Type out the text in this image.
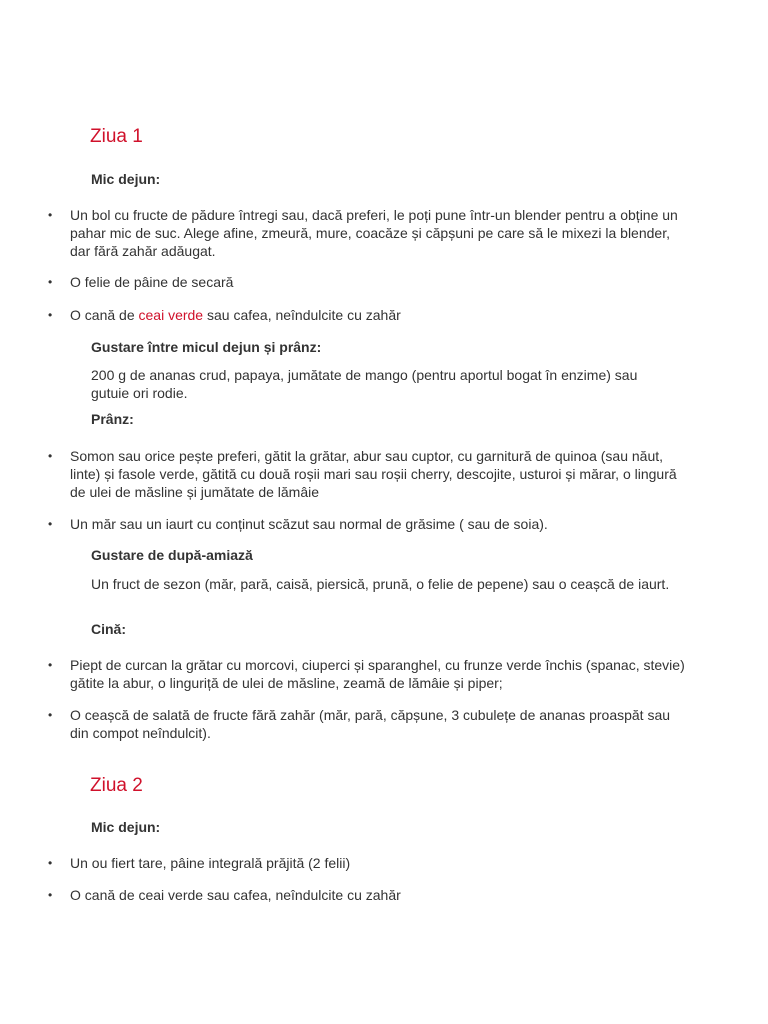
Ziua 1
Mic dejun:
• Un bol cu fructe de pădure întregi sau, dacă preferi, le poți pune într-un blender pentru a obține un pahar mic de suc. Alege afine, zmeură, mure, coacăze și căpșuni pe care să le mixezi la blender, dar fără zahăr adăugat.
• O felie de pâine de secară
• O cană de ceai verde sau cafea, neîndulcite cu zahăr
Gustare între micul dejun și prânz:
200 g de ananas crud, papaya, jumătate de mango (pentru aportul bogat în enzime) sau gutuie ori rodie.
Prânz:
• Somon sau orice pește preferi, gătit la grătar, abur sau cuptor, cu garnitură de quinoa (sau năut, linte) și fasole verde, gătită cu două roșii mari sau roșii cherry, descojite, usturoi și mărar, o lingură de ulei de măsline și jumătate de lămâie
• Un măr sau un iaurt cu conținut scăzut sau normal de grăsime ( sau de soia).
Gustare de după-amiază
Un fruct de sezon (măr, pară, caisă, piersică, prună, o felie de pepene) sau o ceașcă de iaurt.
Cină:
• Piept de curcan la grătar cu morcovi, ciuperci și sparanghel, cu frunze verde închis (spanac, stevie) gătite la abur, o linguriță de ulei de măsline, zeamă de lămâie și piper;
• O ceașcă de salată de fructe fără zahăr (măr, pară, căpșune, 3 cubulețe de ananas proaspăt sau din compot neîndulcit).
Ziua 2
Mic dejun:
• Un ou fiert tare, pâine integrală prăjită (2 felii)
• O cană de ceai verde sau cafea, neîndulcite cu zahăr
